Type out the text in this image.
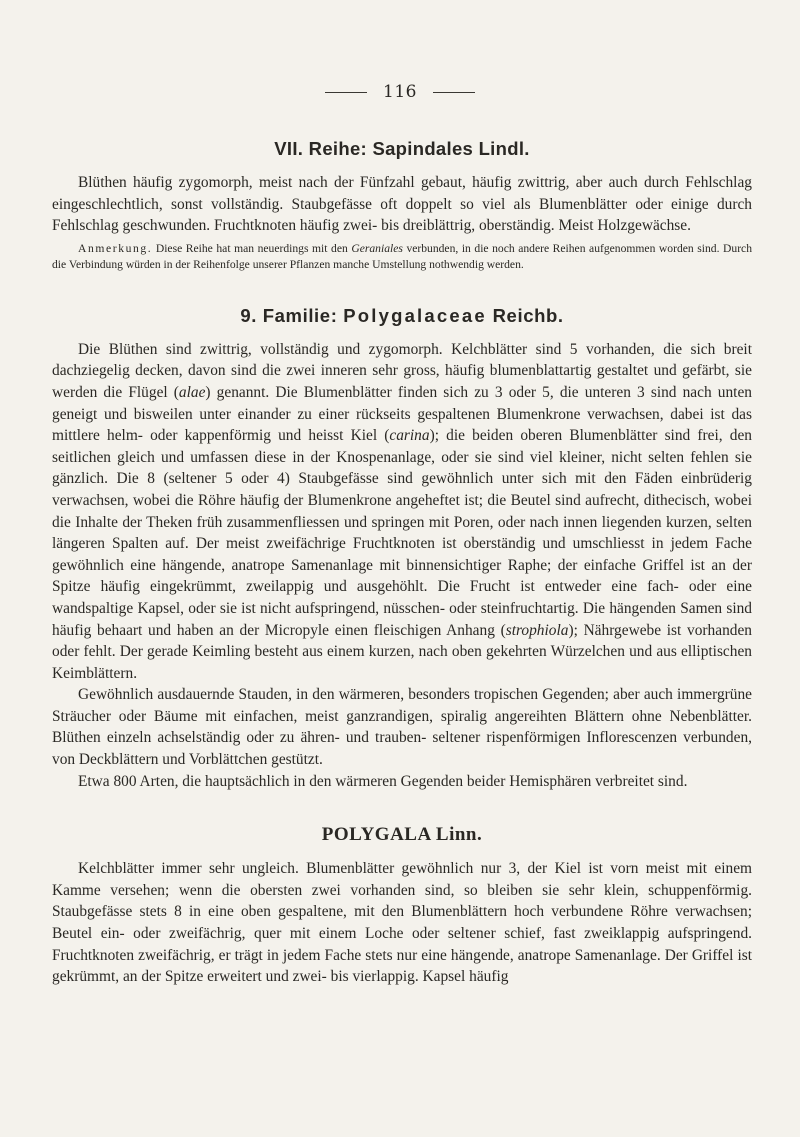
116
VII. Reihe: Sapindales Lindl.

Blüthen häufig zygomorph, meist nach der Fünfzahl gebaut, häufig zwittrig, aber auch durch Fehlschlag eingeschlechtlich, sonst vollständig. Staubgefässe oft doppelt so viel als Blumenblätter oder einige durch Fehlschlag geschwunden. Fruchtknoten häufig zwei- bis dreiblättrig, oberständig. Meist Holzgewächse.

Anmerkung. Diese Reihe hat man neuerdings mit den Geraniales verbunden, in die noch andere Reihen aufgenommen worden sind. Durch die Verbindung würden in der Reihenfolge unserer Pflanzen manche Umstellung nothwendig werden.

9. Familie: Polygalaceae Reichb.

Die Blüthen sind zwittrig, vollständig und zygomorph. Kelchblätter sind 5 vorhanden, die sich breit dachziegelig decken, davon sind die zwei inneren sehr gross, häufig blumenblattartig gestaltet und gefärbt, sie werden die Flügel (alae) genannt. Die Blumenblätter finden sich zu 3 oder 5, die unteren 3 sind nach unten geneigt und bisweilen unter einander zu einer rückseits gespaltenen Blumenkrone verwachsen, dabei ist das mittlere helm- oder kappenförmig und heisst Kiel (carina); die beiden oberen Blumenblätter sind frei, den seitlichen gleich und umfassen diese in der Knospenanlage, oder sie sind viel kleiner, nicht selten fehlen sie gänzlich. Die 8 (seltener 5 oder 4) Staubgefässe sind gewöhnlich unter sich mit den Fäden einbrüderig verwachsen, wobei die Röhre häufig der Blumenkrone angeheftet ist; die Beutel sind aufrecht, dithecisch, wobei die Inhalte der Theken früh zusammenfliessen und springen mit Poren, oder nach innen liegenden kurzen, selten längeren Spalten auf. Der meist zweifächrige Fruchtknoten ist oberständig und umschliesst in jedem Fache gewöhnlich eine hängende, anatrope Samenanlage mit binnensichtiger Raphe; der einfache Griffel ist an der Spitze häufig eingekrümmt, zweilappig und ausgehöhlt. Die Frucht ist entweder eine fach- oder eine wandspaltige Kapsel, oder sie ist nicht aufspringend, nüsschen- oder steinfruchtartig. Die hängenden Samen sind häufig behaart und haben an der Micropyle einen fleischigen Anhang (strophiola); Nährgewebe ist vorhanden oder fehlt. Der gerade Keimling besteht aus einem kurzen, nach oben gekehrten Würzelchen und aus elliptischen Keimblättern.

Gewöhnlich ausdauernde Stauden, in den wärmeren, besonders tropischen Gegenden; aber auch immergrüne Sträucher oder Bäume mit einfachen, meist ganzrandigen, spiralig angereihten Blättern ohne Nebenblätter. Blüthen einzeln achselständig oder zu ähren- und trauben- seltener rispenförmigen Inflorescenzen verbunden, von Deckblättern und Vorblättchen gestützt.

Etwa 800 Arten, die hauptsächlich in den wärmeren Gegenden beider Hemisphären verbreitet sind.

POLYGALA Linn.

Kelchblätter immer sehr ungleich. Blumenblätter gewöhnlich nur 3, der Kiel ist vorn meist mit einem Kamme versehen; wenn die obersten zwei vorhanden sind, so bleiben sie sehr klein, schuppenförmig. Staubgefässe stets 8 in eine oben gespaltene, mit den Blumenblättern hoch verbundene Röhre verwachsen; Beutel ein- oder zweifächrig, quer mit einem Loche oder seltener schief, fast zweiklappig aufspringend. Fruchtknoten zweifächrig, er trägt in jedem Fache stets nur eine hängende, anatrope Samenanlage. Der Griffel ist gekrümmt, an der Spitze erweitert und zwei- bis vierlappig. Kapsel häufig
